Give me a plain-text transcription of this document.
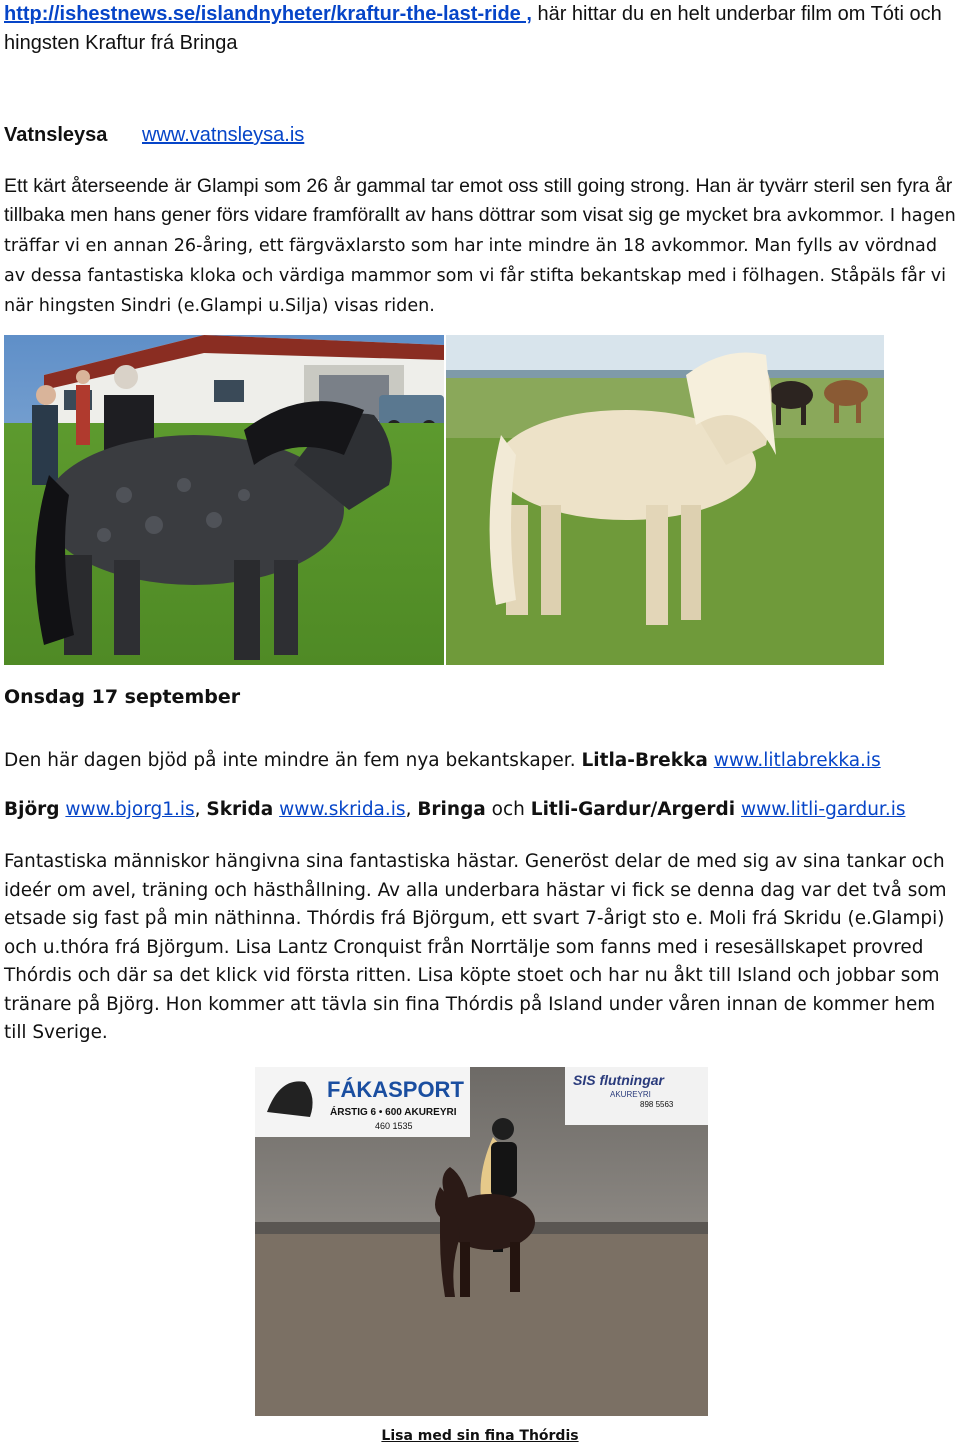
http://ishestnews.se/islandnyheter/kraftur-the-last-ride , här hittar du en helt underbar film om Tóti och hingsten Kraftur frá Bringa
Vatnsleysa www.vatnsleysa.is
Ett kärt återseende är Glampi som 26 år gammal tar emot oss still going strong. Han är tyvärr steril sen fyra år tillbaka men hans gener förs vidare framförallt av hans döttrar som visat sig ge mycket bra avkommor. I hagen träffar vi en annan 26-åring, ett färgväxlarsto som har inte mindre än 18 avkommor. Man fylls av vördnad av dessa fantastiska kloka och värdiga mammor som vi får stifta bekantskap med i fölhagen. Ståpäls får vi när hingsten Sindri (e.Glampi u.Silja) visas riden.
Onsdag 17 september
Den här dagen bjöd på inte mindre än fem nya bekantskaper. Litla-Brekka www.litlabrekka.is
Björg www.bjorg1.is, Skrida www.skrida.is, Bringa och Litli-Gardur/Argerdi www.litli-gardur.is
Fantastiska människor hängivna sina fantastiska hästar. Generöst delar de med sig av sina tankar och ideér om avel, träning och hästhållning. Av alla underbara hästar vi fick se denna dag var det två som etsade sig fast på min näthinna. Thórdis frá Björgum, ett svart 7-årigt sto e. Moli frá Skridu (e.Glampi) och u.thóra frá Björgum. Lisa Lantz Cronquist från Norrtälje som fanns med i resesällskapet provred Thórdis och där sa det klick vid första ritten. Lisa köpte stoet och har nu åkt till Island och jobbar som tränare på Björg. Hon kommer att tävla sin fina Thórdis på Island under våren innan de kommer hem till Sverige.
FÁKASPORT
ÁRSTIG 6 • 600 AKUREYRI
460 1535
SIS flutningar
AKUREYRI
898 5563
Lisa med sin fina Thórdis
